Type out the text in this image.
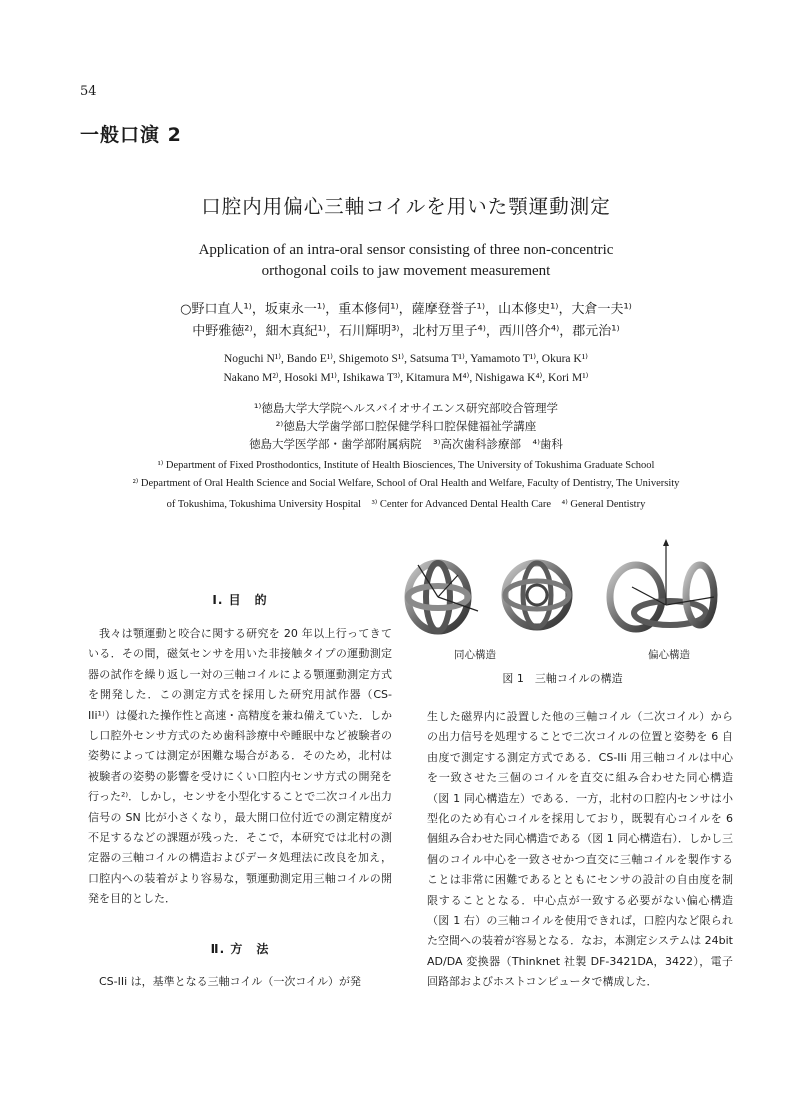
54
一般口演 2
口腔内用偏心三軸コイルを用いた顎運動測定
Application of an intra-oral sensor consisting of three non-concentric
orthogonal coils to jaw movement measurement
○野口直人¹⁾，坂東永一¹⁾，重本修伺¹⁾，薩摩登誉子¹⁾，山本修史¹⁾，大倉一夫¹⁾
中野雅徳²⁾，細木真紀¹⁾，石川輝明³⁾，北村万里子⁴⁾，西川啓介⁴⁾，郡元治¹⁾
Noguchi N¹⁾, Bando E¹⁾, Shigemoto S¹⁾, Satsuma T¹⁾, Yamamoto T¹⁾, Okura K¹⁾
Nakano M²⁾, Hosoki M¹⁾, Ishikawa T³⁾, Kitamura M⁴⁾, Nishigawa K⁴⁾, Kori M¹⁾
¹⁾徳島大学大学院ヘルスバイオサイエンス研究部咬合管理学
²⁾徳島大学歯学部口腔保健学科口腔保健福祉学講座
徳島大学医学部・歯学部附属病院　³⁾高次歯科診療部　⁴⁾歯科
¹⁾ Department of Fixed Prosthodontics, Institute of Health Biosciences, The University of Tokushima Graduate School
²⁾ Department of Oral Health Science and Social Welfare, School of Oral Health and Welfare, Faculty of Dentistry, The University
of Tokushima, Tokushima University Hospital　³⁾ Center for Advanced Dental Health Care　⁴⁾ General Dentistry
Ⅰ. 目　的

我々は顎運動と咬合に関する研究を 20 年以上行ってきている．その間，磁気センサを用いた非接触タイプの運動測定器の試作を繰り返し一対の三軸コイルによる顎運動測定方式を開発した．この測定方式を採用した研究用試作器（CS-IIi¹⁾）は優れた操作性と高速・高精度を兼ね備えていた．しかし口腔外センサ方式のため歯科診療中や睡眠中など被験者の姿勢によっては測定が困難な場合がある．そのため，北村は被験者の姿勢の影響を受けにくい口腔内センサ方式の開発を行った²⁾．しかし，センサを小型化することで二次コイル出力信号の SN 比が小さくなり，最大開口位付近での測定精度が不足するなどの課題が残った．そこで，本研究では北村の測定器の三軸コイルの構造およびデータ処理法に改良を加え，口腔内への装着がより容易な，顎運動測定用三軸コイルの開発を目的とした．

Ⅱ. 方　法

CS-IIi は，基準となる三軸コイル（一次コイル）が発

同心構造	偏心構造
図 1　三軸コイルの構造

生した磁界内に設置した他の三軸コイル（二次コイル）からの出力信号を処理することで二次コイルの位置と姿勢を 6 自由度で測定する測定方式である．CS-IIi 用三軸コイルは中心を一致させた三個のコイルを直交に組み合わせた同心構造（図 1 同心構造左）である．一方，北村の口腔内センサは小型化のため有心コイルを採用しており，既製有心コイルを 6 個組み合わせた同心構造である（図 1 同心構造右）．しかし三個のコイル中心を一致させかつ直交に三軸コイルを製作することは非常に困難であるとともにセンサの設計の自由度を制限することとなる．中心点が一致する必要がない偏心構造（図 1 右）の三軸コイルを使用できれば，口腔内など限られた空間への装着が容易となる．なお，本測定システムは 24bit AD/DA 変換器（Thinknet 社製 DF-3421DA，3422），電子回路部およびホストコンピュータで構成した．
